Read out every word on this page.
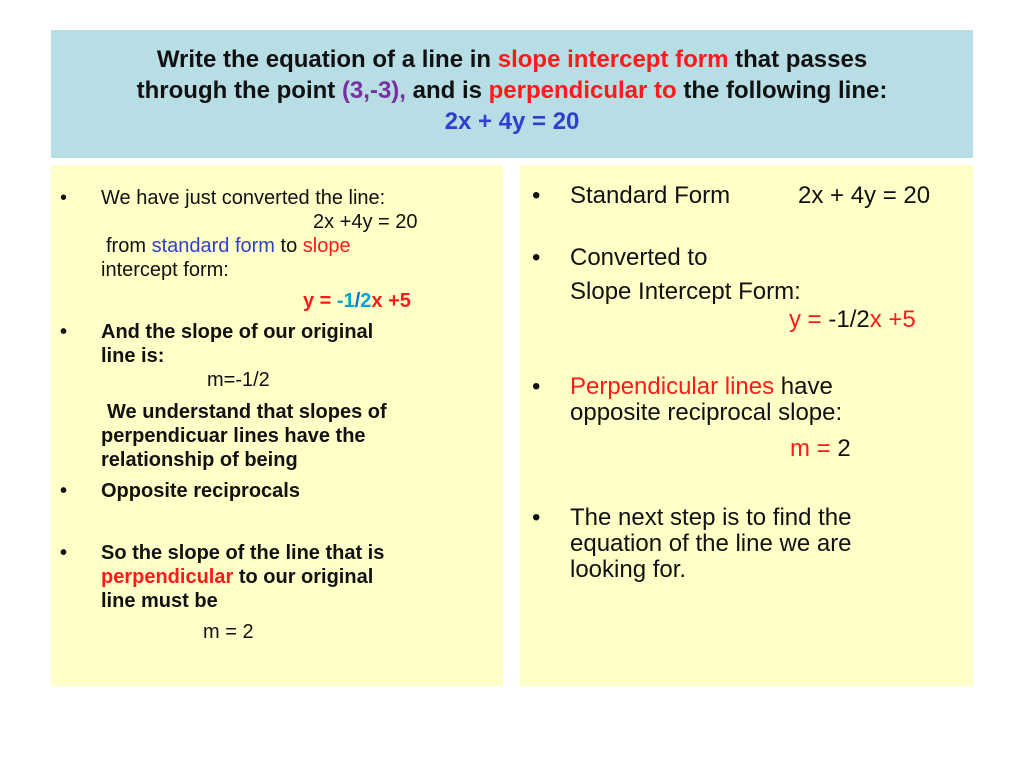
Write the equation of a line in slope intercept form that passes
through the point (3,-3), and is perpendicular to the following line:
2x + 4y = 20
• We have just converted the line:
2x +4y = 20
from standard form to slope
intercept form:
y = -1/2x +5
• And the slope of our original
line is:
m=-1/2
We understand that slopes of
perpendicuar lines have the
relationship of being
• Opposite reciprocals
• So the slope of the line that is
perpendicular to our original
line must be
m = 2
• Standard Form	2x + 4y = 20
• Converted to
Slope Intercept Form:
y = -1/2x +5
• Perpendicular lines have
opposite reciprocal slope:
m = 2
• The next step is to find the
equation of the line we are
looking for.
